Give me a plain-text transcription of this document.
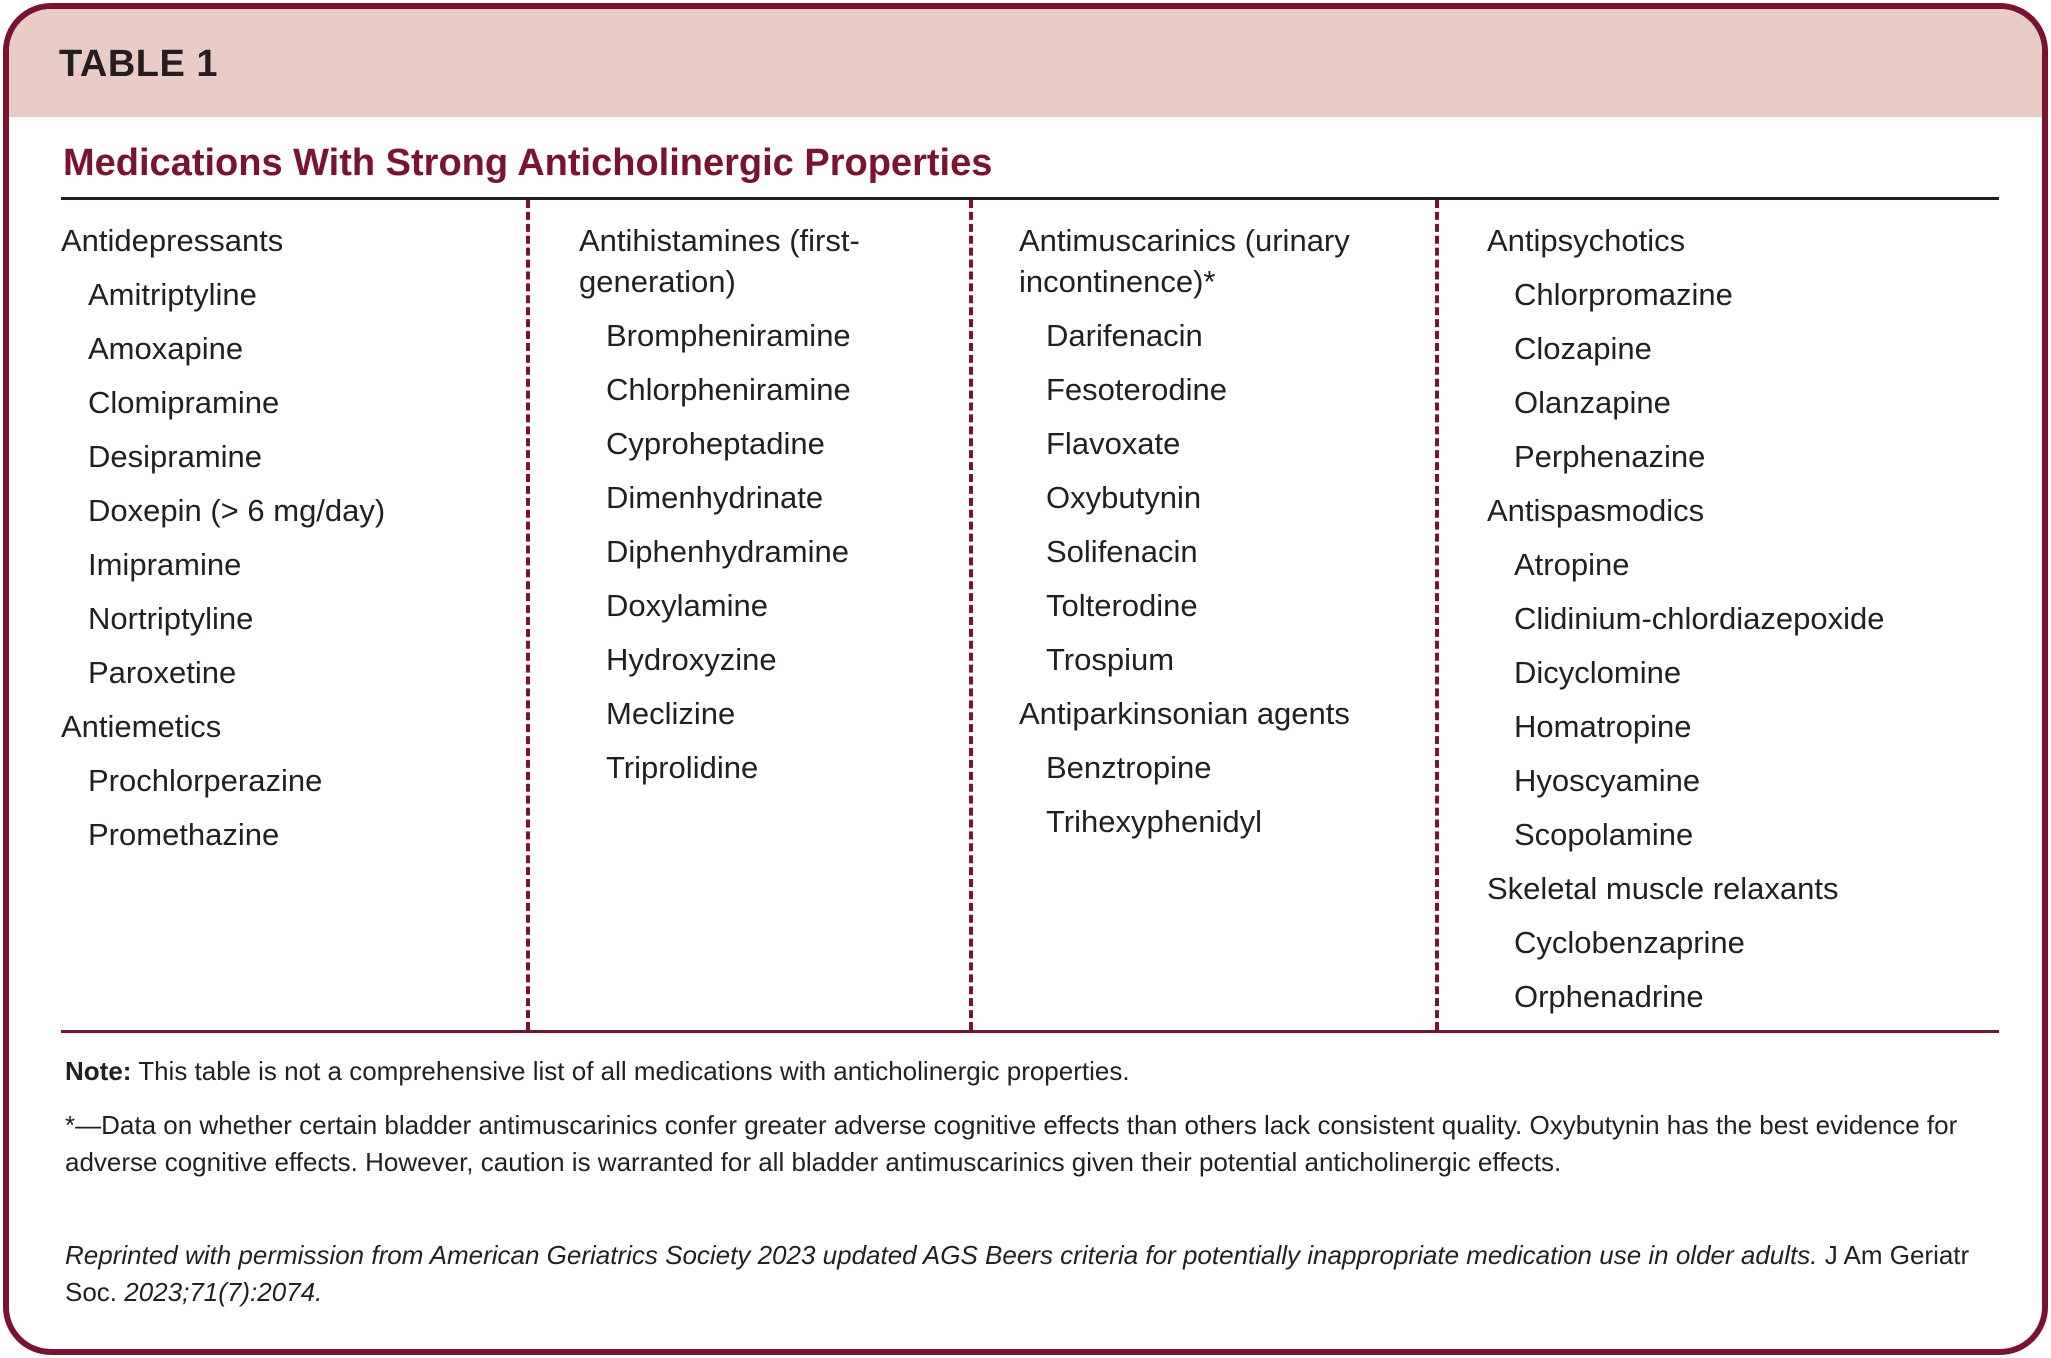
TABLE 1
Medications With Strong Anticholinergic Properties
Antidepressants
Amitriptyline
Amoxapine
Clomipramine
Desipramine
Doxepin (> 6 mg/day)
Imipramine
Nortriptyline
Paroxetine
Antiemetics
Prochlorperazine
Promethazine
Antihistamines (first-generation)
Brompheniramine
Chlorpheniramine
Cyproheptadine
Dimenhydrinate
Diphenhydramine
Doxylamine
Hydroxyzine
Meclizine
Triprolidine
Antimuscarinics (urinary incontinence)*
Darifenacin
Fesoterodine
Flavoxate
Oxybutynin
Solifenacin
Tolterodine
Trospium
Antiparkinsonian agents
Benztropine
Trihexyphenidyl
Antipsychotics
Chlorpromazine
Clozapine
Olanzapine
Perphenazine
Antispasmodics
Atropine
Clidinium-chlordiazepoxide
Dicyclomine
Homatropine
Hyoscyamine
Scopolamine
Skeletal muscle relaxants
Cyclobenzaprine
Orphenadrine
Note: This table is not a comprehensive list of all medications with anticholinergic properties.
*—Data on whether certain bladder antimuscarinics confer greater adverse cognitive effects than others lack consistent quality. Oxybutynin has the best evidence for adverse cognitive effects. However, caution is warranted for all bladder antimuscarinics given their potential anticholinergic effects.
Reprinted with permission from American Geriatrics Society 2023 updated AGS Beers criteria for potentially inappropriate medication use in older adults. J Am Geriatr Soc. 2023;71(7):2074.
